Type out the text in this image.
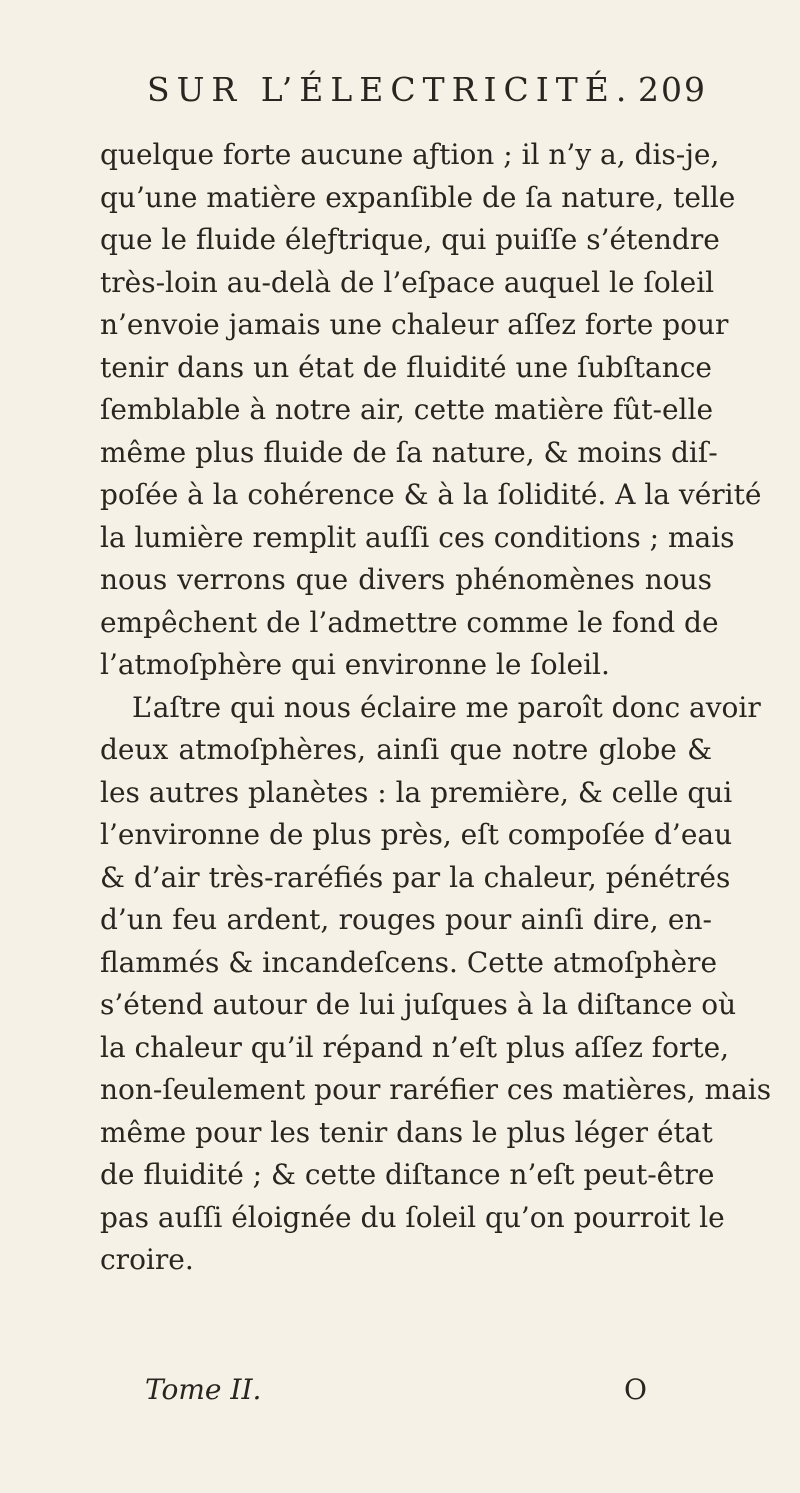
SUR L’ÉLECTRICITÉ. 209
quelque forte aucune aƒtion ; il n’y a, dis-je,
qu’une matière expanſible de ſa nature, telle
que le fluide éleƒtrique, qui puiſſe s’étendre
très-loin au-delà de l’eſpace auquel le ſoleil
n’envoie jamais une chaleur aſſez forte pour
tenir dans un état de fluidité une ſubſtance
ſemblable à notre air, cette matière fût-elle
même plus fluide de ſa nature, & moins diſ-
poſée à la cohérence & à la ſolidité. A la vérité
la lumière remplit auſſi ces conditions ; mais
nous verrons que divers phénomènes nous
empêchent de l’admettre comme le fond de
l’atmoſphère qui environne le ſoleil.
L’aſtre qui nous éclaire me paroît donc avoir
deux atmoſphères, ainſi que notre globe &
les autres planètes : la première, & celle qui
l’environne de plus près, eſt compoſée d’eau
& d’air très-raréfiés par la chaleur, pénétrés
d’un feu ardent, rouges pour ainſi dire, en-
flammés & incandeſcens. Cette atmoſphère
s’étend autour de lui juſques à la diſtance où
la chaleur qu’il répand n’eſt plus aſſez forte,
non-ſeulement pour raréfier ces matières, mais
même pour les tenir dans le plus léger état
de fluidité ; & cette diſtance n’eſt peut-être
pas auſſi éloignée du ſoleil qu’on pourroit le
croire.
Tome II.	O
